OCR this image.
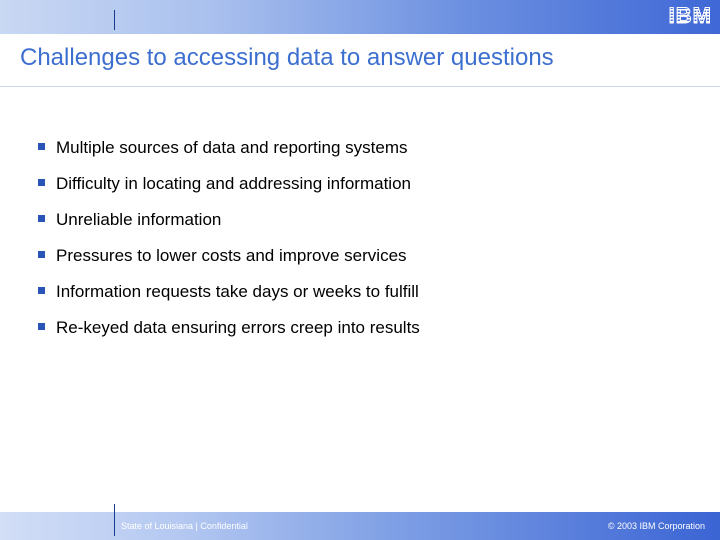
IBM
Challenges to accessing data to answer questions
Multiple sources of data and reporting systems
Difficulty in locating and addressing information
Unreliable information
Pressures to lower costs and improve services
Information requests take days or weeks to fulfill
Re-keyed data ensuring errors creep into results
State of Louisiana | Confidential	© 2003 IBM Corporation
